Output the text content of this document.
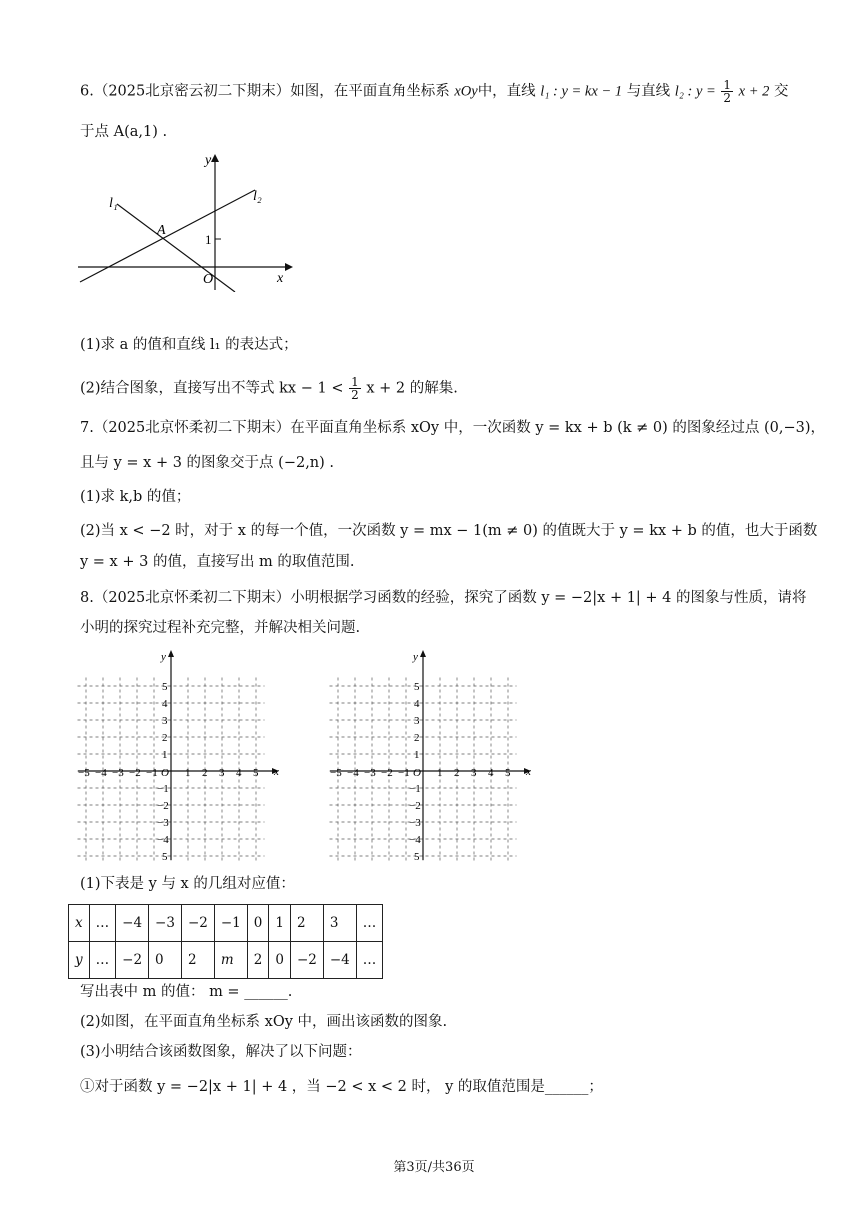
6.（2025北京密云初二下期末）如图，在平面直角坐标系 xOy中，直线 l₁ : y = kx − 1 与直线 l₂ : $y = \frac{1}{2}$ x + 2 交
于点 A(a,1) .
l₁	l₂
A
O	x
y
1
(1)求 a 的值和直线 l₁ 的表达式；
(2)结合图象，直接写出不等式 kx − $1 < \frac{1}{2}$ x + 2 的解集.
7.（2025北京怀柔初二下期末）在平面直角坐标系 xOy 中，一次函数 y = kx + b (k ≠ 0) 的图象经过点 (0,−3)，
且与 y = x + 3 的图象交于点 (−2,n) .
(1)求 k,b 的值；
(2)当 x < −2 时，对于 x 的每一个值，一次函数 y = mx − 1(m ≠ 0) 的值既大于 y = kx + b 的值，也大于函数
y = x + 3 的值，直接写出 m 的取值范围.
8.（2025北京怀柔初二下期末）小明根据学习函数的经验，探究了函数 y = −2|x + 1| + 4 的图象与性质，请将
小明的探究过程补充完整，并解决相关问题.
−5 −4 −3 −2 −1 1 2 3 4 5
5
4
3
2
1
−1
−2
−3
−4
5
O	x
y
−5 −4 −3 −2 −1 1 2 3 4 5
5
4
3
2
1
−1
−2
−3
−4
5
O	x
y
(1)下表是 y 与 x 的几组对应值：
x	…	−4	−3	−2	−1	0	1	2	3	…
y	…	−2	0	2	m	2	0	−2	−4	…
写出表中 m 的值： m = ______.
(2)如图，在平面直角坐标系 xOy 中，画出该函数的图象.
(3)小明结合该函数图象，解决了以下问题：
①对于函数 y = −2|x + 1| + 4 ，当 −2 < x < 2 时， y 的取值范围是______；
第3页/共36页
